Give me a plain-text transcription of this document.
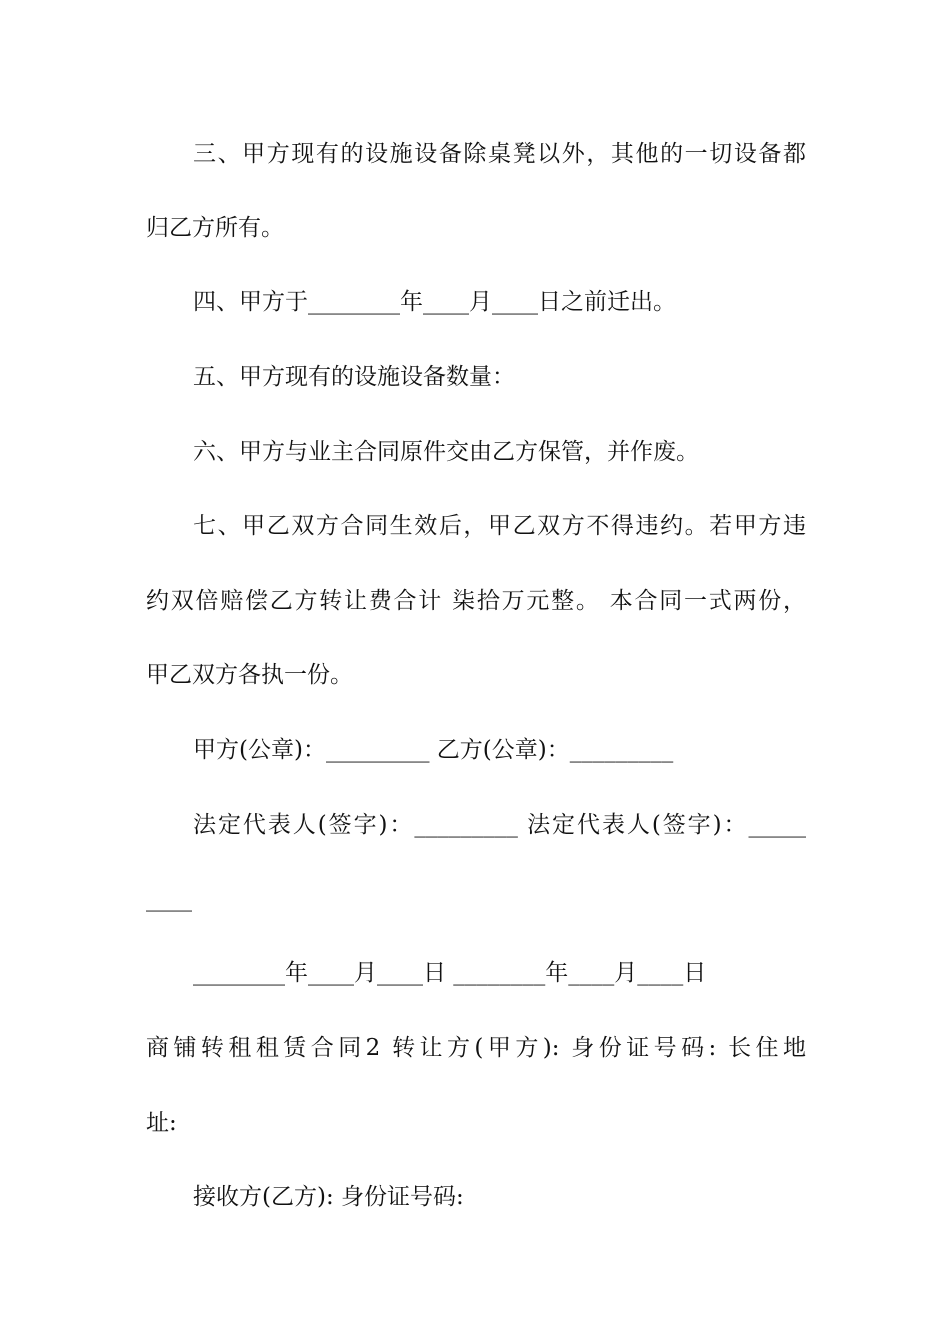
三、甲方现有的设施设备除桌凳以外，其他的一切设备都

归乙方所有。

四、甲方于________年____月____日之前迁出。

五、甲方现有的设施设备数量：

六、甲方与业主合同原件交由乙方保管，并作废。

七、甲乙双方合同生效后，甲乙双方不得违约。若甲方违

约双倍赔偿乙方转让费合计 柒拾万元整。 本合同一式两份，

甲乙双方各执一份。

甲方(公章)：_________ 乙方(公章)：_________

法定代表人(签字)：_________ 法定代表人(签字)：_____

____

________年____月____日 ________年____月____日

商铺转租租赁合同2 转让方(甲方): 身份证号码: 长住地

址:

接收方(乙方): 身份证号码:
